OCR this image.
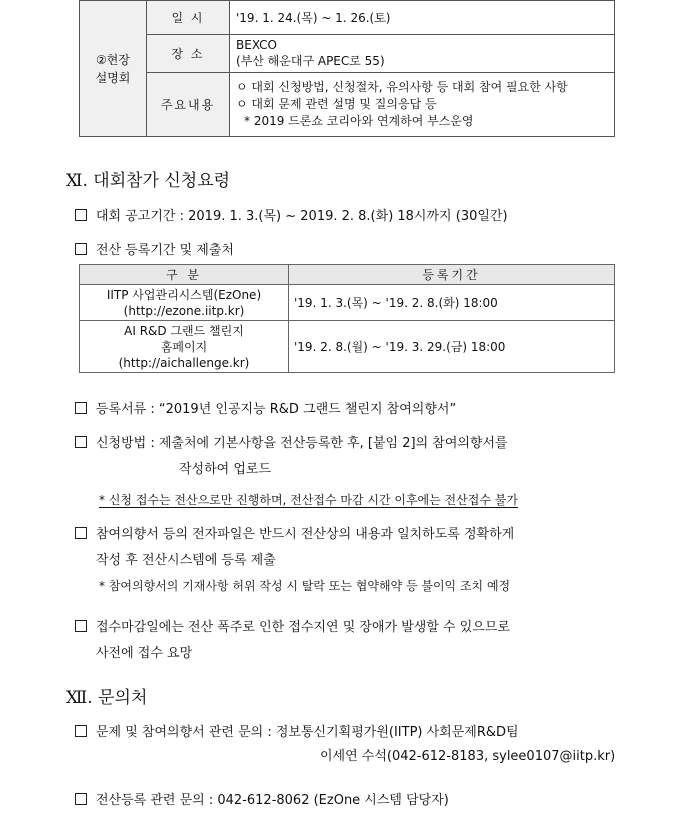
②현장
설명회	일 시	'19. 1. 24.(목) ~ 1. 26.(토)
	장 소	BEXCO
(부산 해운대구 APEC로 55)

	주요내용	ㅇ 대회 신청방법, 신청절차, 유의사항 등 대회 참여 필요한 사항
ㅇ 대회 문제 관련 설명 및 질의응답 등
* 2019 드론쇼 코리아와 연계하여 부스운영
Ⅺ. 대회참가 신청요령
대회 공고기간 : 2019. 1. 3.(목) ~ 2019. 2. 8.(화) 18시까지 (30일간)
전산 등록기간 및 제출처
구 분	등록기간

IITP 사업관리시스템(EzOne)
(http://ezone.iitp.kr)	'19. 1. 3.(목) ~ '19. 2. 8.(화) 18:00

AI R&D 그랜드 챌린지
홈페이지
(http://aichallenge.kr)	'19. 2. 8.(월) ~ '19. 3. 29.(금) 18:00
등록서류 : “2019년 인공지능 R&D 그랜드 챌린지 참여의향서”
신청방법 : 제출처에 기본사항을 전산등록한 후, [붙임 2]의 참여의향서를
작성하여 업로드
* 신청 접수는 전산으로만 진행하며, 전산접수 마감 시간 이후에는 전산접수 불가
참여의향서 등의 전자파일은 반드시 전산상의 내용과 일치하도록 정확하게
작성 후 전산시스템에 등록 제출
* 참여의향서의 기재사항 허위 작성 시 탈락 또는 협약해약 등 불이익 조치 예정
접수마감일에는 전산 폭주로 인한 접수지연 및 장애가 발생할 수 있으므로
사전에 접수 요망
Ⅻ. 문의처
문제 및 참여의향서 관련 문의 : 정보통신기획평가원(IITP) 사회문제R&D팀
이세연 수석(042-612-8183, sylee0107@iitp.kr)
전산등록 관련 문의 : 042-612-8062 (EzOne 시스템 담당자)
